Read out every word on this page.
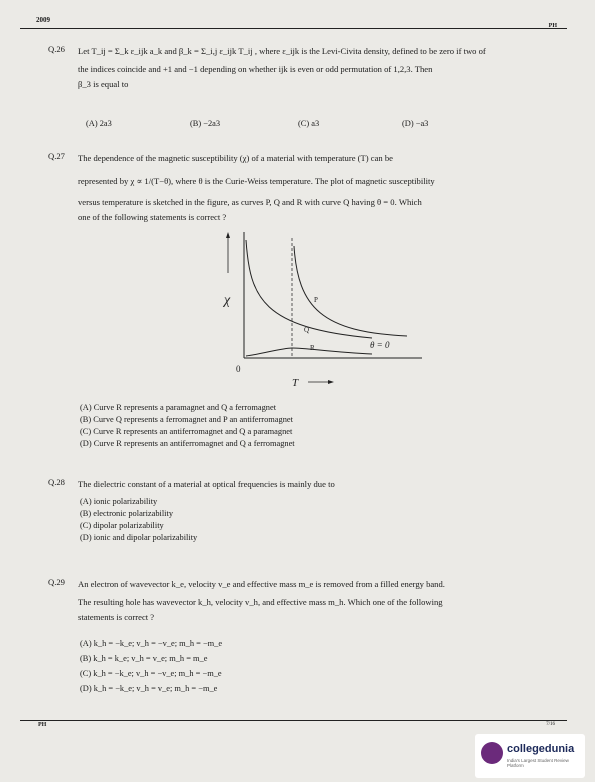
2009
PH
Q.26 Let T_ij = Σ_k ε_ijk a_k and β_k = Σ_i,j ε_ijk T_ij , where ε_ijk is the Levi-Civita density, defined to be zero if two of
the indices coincide and +1 and −1 depending on whether ijk is even or odd permutation of 1,2,3. Then
β_3 is equal to
(A) 2a3	(B) −2a3	(C) a3	(D) −a3
Q.27 The dependence of the magnetic susceptibility (χ) of a material with temperature (T) can be
represented by χ ∝ 1/(T−θ), where θ is the Curie-Weiss temperature. The plot of magnetic susceptibility
versus temperature is sketched in the figure, as curves P, Q and R with curve Q having θ = 0. Which
one of the following statements is correct ?
χ
0
T
θ = 0
P
Q
R
(A) Curve R represents a paramagnet and Q a ferromagnet
(B) Curve Q represents a ferromagnet and P an antiferromagnet
(C) Curve R represents an antiferromagnet and Q a paramagnet
(D) Curve R represents an antiferromagnet and Q a ferromagnet
Q.28 The dielectric constant of a material at optical frequencies is mainly due to
(A) ionic polarizability
(B) electronic polarizability
(C) dipolar polarizability
(D) ionic and dipolar polarizability
Q.29 An electron of wavevector k_e, velocity v_e and effective mass m_e is removed from a filled energy band.
The resulting hole has wavevector k_h, velocity v_h, and effective mass m_h. Which one of the following
statements is correct ?
(A) k_h = −k_e; v_h = −v_e; m_h = −m_e
(B) k_h = k_e; v_h = v_e; m_h = m_e
(C) k_h = −k_e; v_h = −v_e; m_h = −m_e
(D) k_h = −k_e; v_h = v_e; m_h = −m_e
PH	7/16
collegedunia
India's Largest Student Review Platform
